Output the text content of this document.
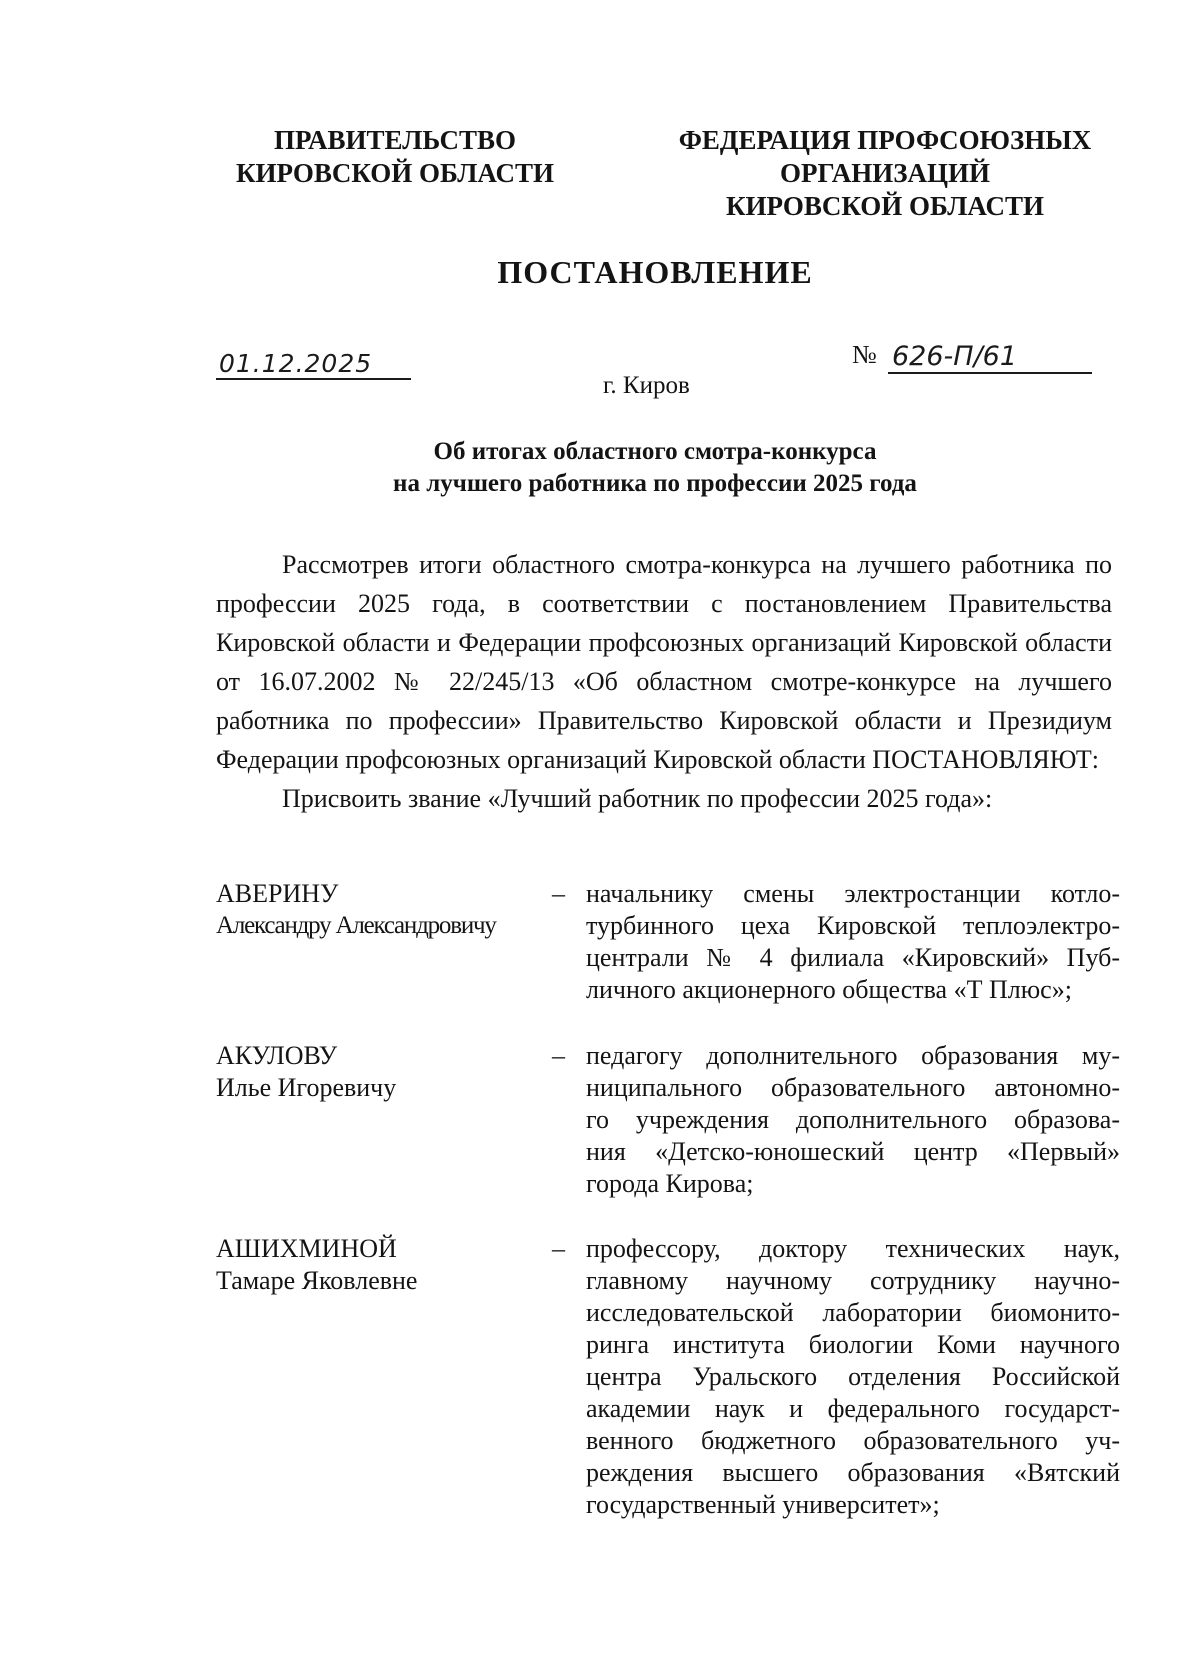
ПРАВИТЕЛЬСТВО
КИРОВСКОЙ ОБЛАСТИ
ФЕДЕРАЦИЯ ПРОФСОЮЗНЫХ
ОРГАНИЗАЦИЙ
КИРОВСКОЙ ОБЛАСТИ
ПОСТАНОВЛЕНИЕ
01.12.2025	№ 626-П/61
г. Киров
Об итогах областного смотра-конкурса
на лучшего работника по профессии 2025 года
Рассмотрев итоги областного смотра-конкурса на лучшего работника по профессии 2025 года, в соответствии с постановлением Правительства Кировской области и Федерации профсоюзных организаций Кировской области от 16.07.2002 № 22/245/13 «Об областном смотре-конкурсе на лучшего работника по профессии» Правительство Кировской области и Президиум Федерации профсоюзных организаций Кировской области ПОСТАНОВЛЯЮТ:
Присвоить звание «Лучший работник по профессии 2025 года»:
АВЕРИНУ
Александру Александровичу
– начальнику смены электростанции котло-
турбинного цеха Кировской теплоэлектро-
централи № 4 филиала «Кировский» Пуб-
личного акционерного общества «Т Плюс»;
АКУЛОВУ
Илье Игоревичу
– педагогу дополнительного образования му-
ниципального образовательного автономно-
го учреждения дополнительного образова-
ния «Детско-юношеский центр «Первый»
города Кирова;
АШИХМИНОЙ
Тамаре Яковлевне
– профессору, доктору технических наук,
главному научному сотруднику научно-
исследовательской лаборатории биомонито-
ринга института биологии Коми научного
центра Уральского отделения Российской
академии наук и федерального государст-
венного бюджетного образовательного уч-
реждения высшего образования «Вятский
государственный университет»;
